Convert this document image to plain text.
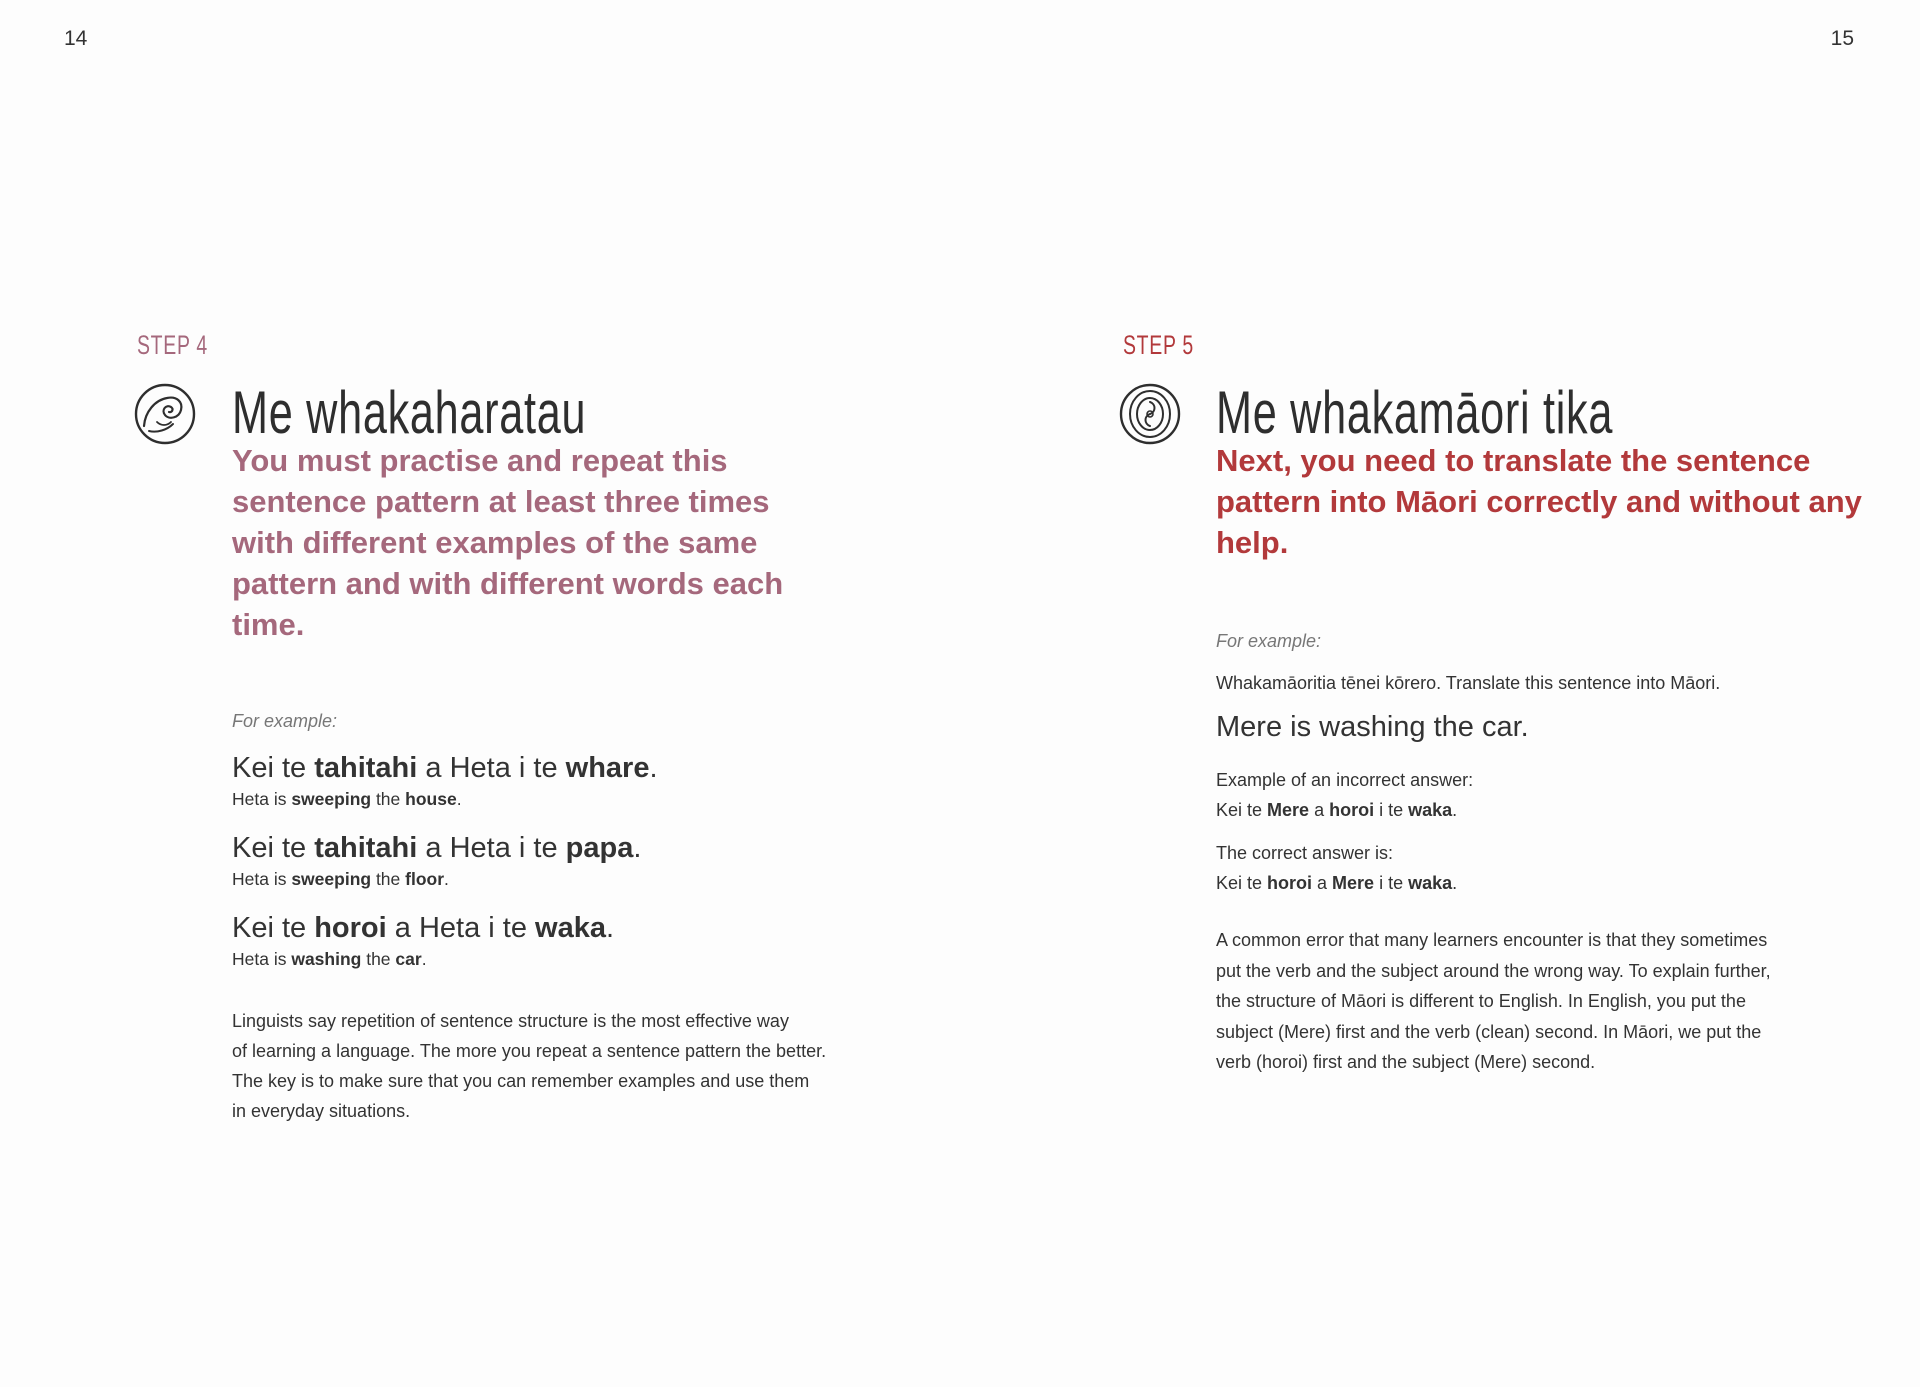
14	15
STEP 4
Me whakaharatau

You must practise and repeat this sentence pattern at least three times with different examples of the same pattern and with different words each time.

For example:
Kei te tahitahi a Heta i te whare.
Heta is sweeping the house.
Kei te tahitahi a Heta i te papa.
Heta is sweeping the floor.
Kei te horoi a Heta i te waka.
Heta is washing the car.

Linguists say repetition of sentence structure is the most effective way
of learning a language. The more you repeat a sentence pattern the better.
The key is to make sure that you can remember examples and use them
in everyday situations.

STEP 5
Me whakamāori tika

Next, you need to translate the sentence pattern into Māori correctly and without any help.

For example:
Whakamāoritia tēnei kōrero. Translate this sentence into Māori.
Mere is washing the car.
Example of an incorrect answer:
Kei te Mere a horoi i te waka.
The correct answer is:
Kei te horoi a Mere i te waka.

A common error that many learners encounter is that they sometimes
put the verb and the subject around the wrong way. To explain further,
the structure of Māori is different to English. In English, you put the
subject (Mere) first and the verb (clean) second. In Māori, we put the
verb (horoi) first and the subject (Mere) second.
